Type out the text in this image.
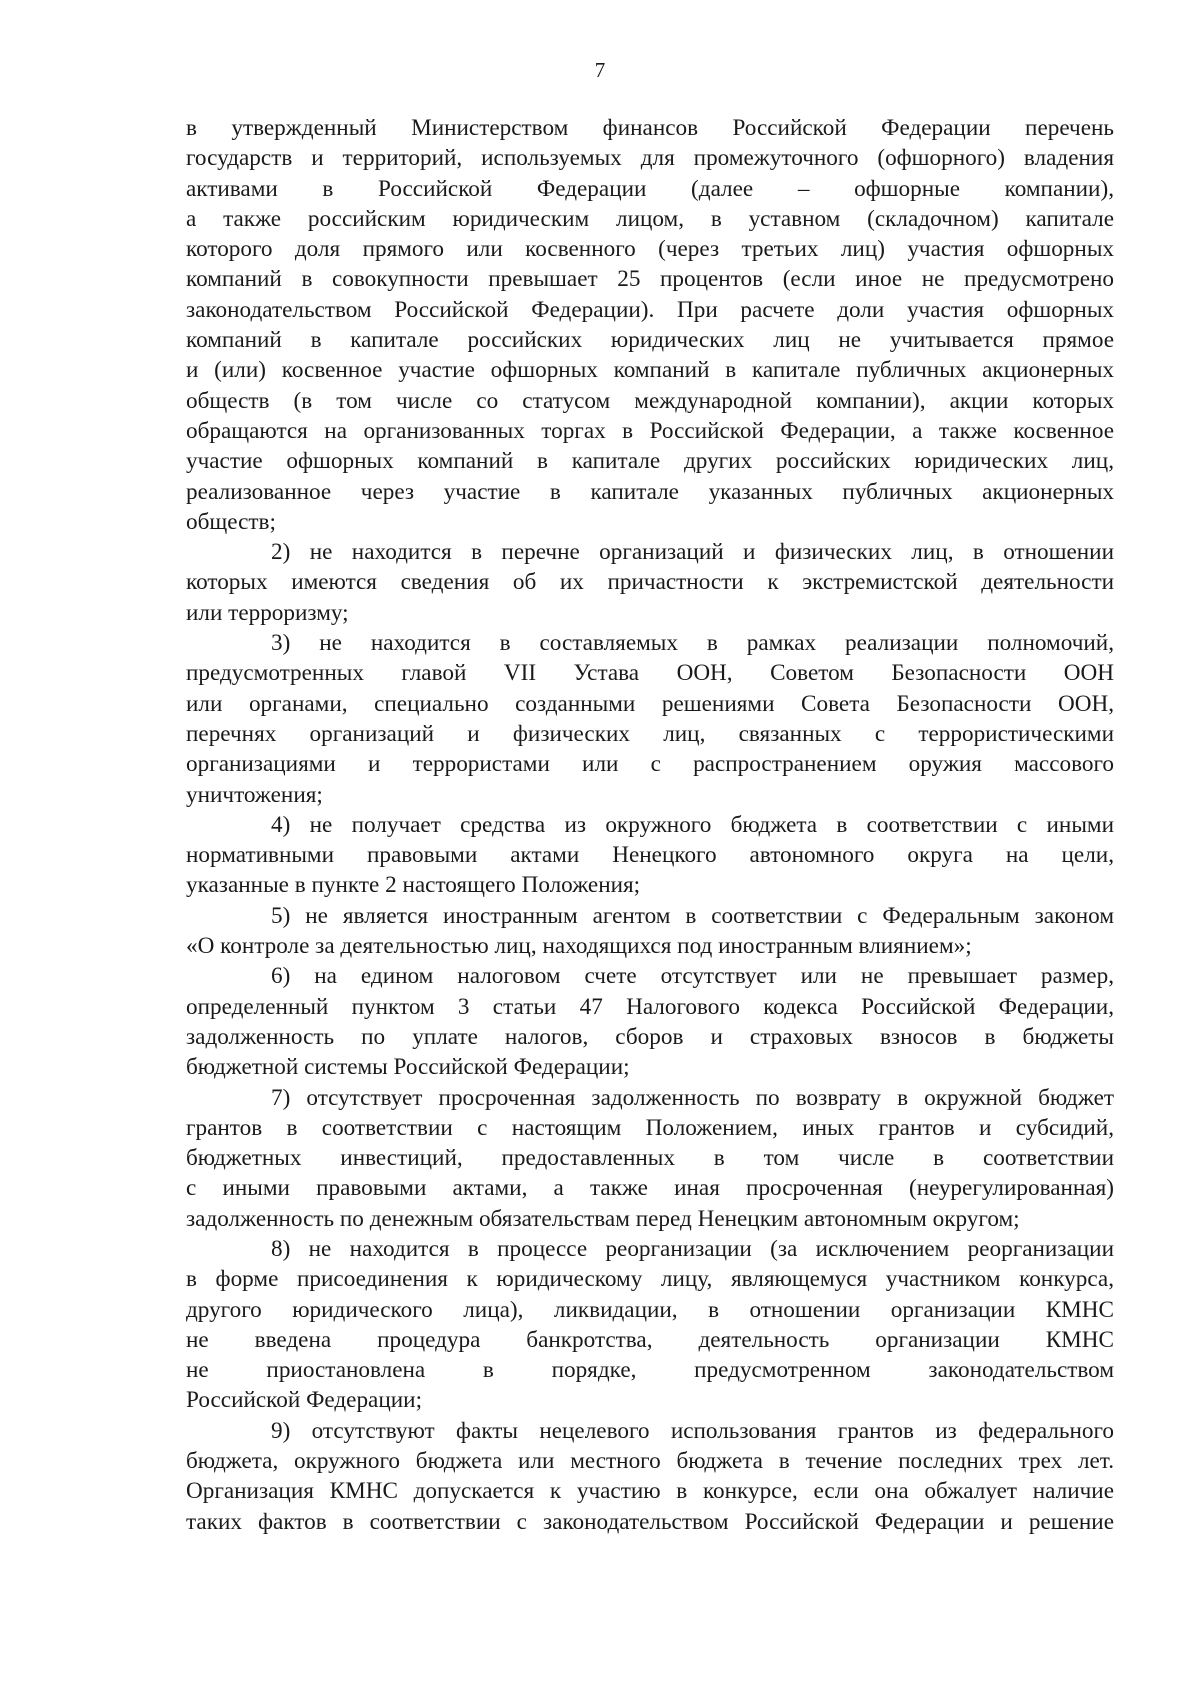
7
в утвержденный Министерством финансов Российской Федерации перечень
государств и территорий, используемых для промежуточного (офшорного) владения
активами в Российской Федерации (далее – офшорные компании),
а также российским юридическим лицом, в уставном (складочном) капитале
которого доля прямого или косвенного (через третьих лиц) участия офшорных
компаний в совокупности превышает 25 процентов (если иное не предусмотрено
законодательством Российской Федерации). При расчете доли участия офшорных
компаний в капитале российских юридических лиц не учитывается прямое
и (или) косвенное участие офшорных компаний в капитале публичных акционерных
обществ (в том числе со статусом международной компании), акции которых
обращаются на организованных торгах в Российской Федерации, а также косвенное
участие офшорных компаний в капитале других российских юридических лиц,
реализованное через участие в капитале указанных публичных акционерных
обществ;
2) не находится в перечне организаций и физических лиц, в отношении
которых имеются сведения об их причастности к экстремистской деятельности
или терроризму;
3) не находится в составляемых в рамках реализации полномочий,
предусмотренных главой VII Устава ООН, Советом Безопасности ООН
или органами, специально созданными решениями Совета Безопасности ООН,
перечнях организаций и физических лиц, связанных с террористическими
организациями и террористами или с распространением оружия массового
уничтожения;
4) не получает средства из окружного бюджета в соответствии с иными
нормативными правовыми актами Ненецкого автономного округа на цели,
указанные в пункте 2 настоящего Положения;
5) не является иностранным агентом в соответствии с Федеральным законом
«О контроле за деятельностью лиц, находящихся под иностранным влиянием»;
6) на едином налоговом счете отсутствует или не превышает размер,
определенный пунктом 3 статьи 47 Налогового кодекса Российской Федерации,
задолженность по уплате налогов, сборов и страховых взносов в бюджеты
бюджетной системы Российской Федерации;
7) отсутствует просроченная задолженность по возврату в окружной бюджет
грантов в соответствии с настоящим Положением, иных грантов и субсидий,
бюджетных инвестиций, предоставленных в том числе в соответствии
с иными правовыми актами, а также иная просроченная (неурегулированная)
задолженность по денежным обязательствам перед Ненецким автономным округом;
8) не находится в процессе реорганизации (за исключением реорганизации
в форме присоединения к юридическому лицу, являющемуся участником конкурса,
другого юридического лица), ликвидации, в отношении организации КМНС
не введена процедура банкротства, деятельность организации КМНС
не приостановлена в порядке, предусмотренном законодательством
Российской Федерации;
9) отсутствуют факты нецелевого использования грантов из федерального
бюджета, окружного бюджета или местного бюджета в течение последних трех лет.
Организация КМНС допускается к участию в конкурсе, если она обжалует наличие
таких фактов в соответствии с законодательством Российской Федерации и решение
